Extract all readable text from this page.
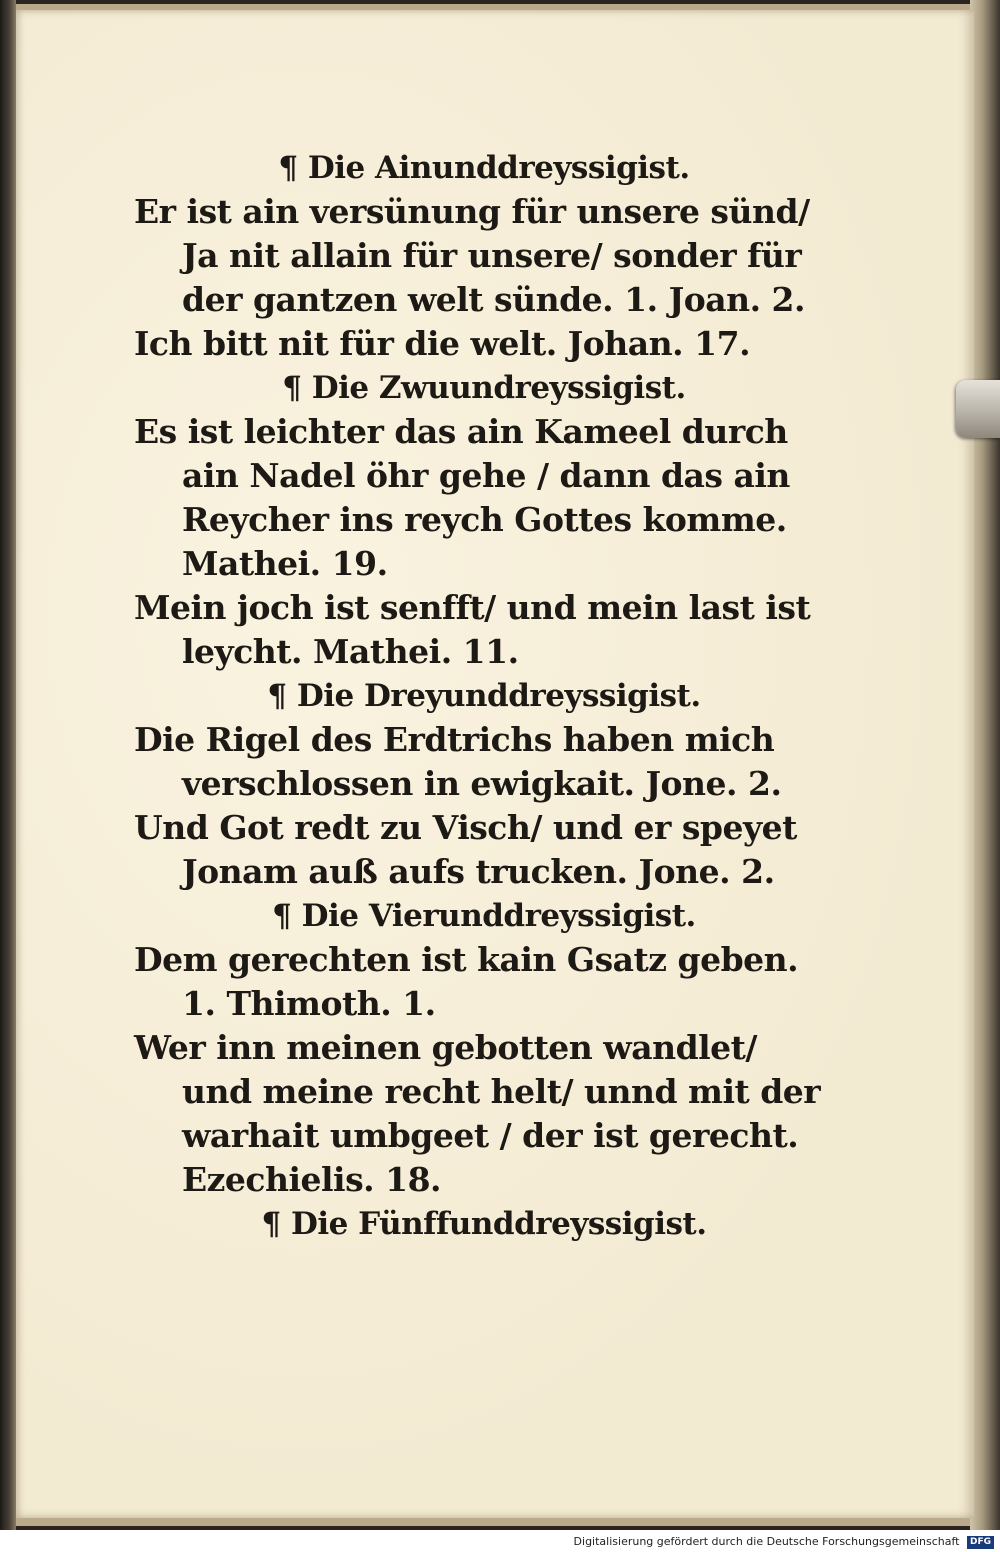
¶ Die Ainunddreyssigist.
Er ist ain versünung für unsere sünd/
Ja nit allain für unsere/ sonder für
der gantzen welt sünde. 1. Joan. 2.
Ich bitt nit für die welt. Johan. 17.
¶ Die Zwuundreyssigist.
Es ist leichter das ain Kameel durch
ain Nadel öhr gehe / dann das ain
Reycher ins reych Gottes komme.
Mathei. 19.
Mein joch ist senfft/ und mein last ist
leycht. Mathei. 11.
¶ Die Dreyunddreyssigist.
Die Rigel des Erdtrichs haben mich
verschlossen in ewigkait. Jone. 2.
Und Got redt zu Visch/ und er speyet
Jonam auß aufs trucken. Jone. 2.
¶ Die Vierunddreyssigist.
Dem gerechten ist kain Gsatz geben.
1. Thimoth. 1.
Wer inn meinen gebotten wandlet/
und meine recht helt/ unnd mit der
warhait umbgeet / der ist gerecht.
Ezechielis. 18.
¶ Die Fünffunddreyssigist.
Digitalisierung gefördert durch die Deutsche Forschungsgemeinschaft DFG
